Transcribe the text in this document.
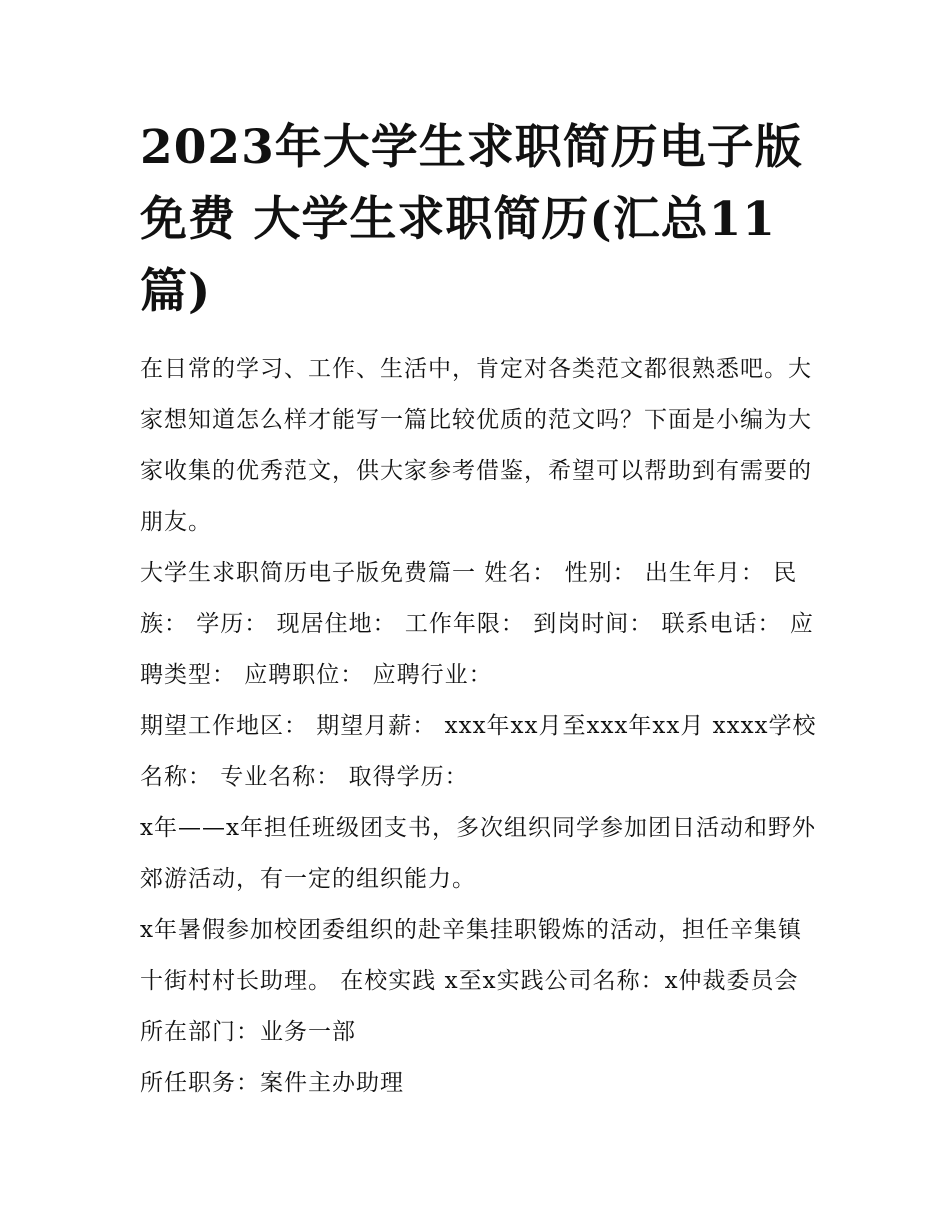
2023年大学生求职简历电子版免费 大学生求职简历(汇总11篇)

在日常的学习、工作、生活中，肯定对各类范文都很熟悉吧。大家想知道怎么样才能写一篇比较优质的范文吗？下面是小编为大家收集的优秀范文，供大家参考借鉴，希望可以帮助到有需要的朋友。

大学生求职简历电子版免费篇一 姓名： 性别： 出生年月： 民族： 学历： 现居住地： 工作年限： 到岗时间： 联系电话： 应聘类型： 应聘职位： 应聘行业：

期望工作地区： 期望月薪： xxx年xx月至xxx年xx月 xxxx学校 名称： 专业名称： 取得学历：

x年——x年担任班级团支书，多次组织同学参加团日活动和野外郊游活动，有一定的组织能力。

x年暑假参加校团委组织的赴辛集挂职锻炼的活动，担任辛集镇十街村村长助理。 在校实践 x至x实践公司名称：x仲裁委员会 所在部门：业务一部

所任职务：案件主办助理
